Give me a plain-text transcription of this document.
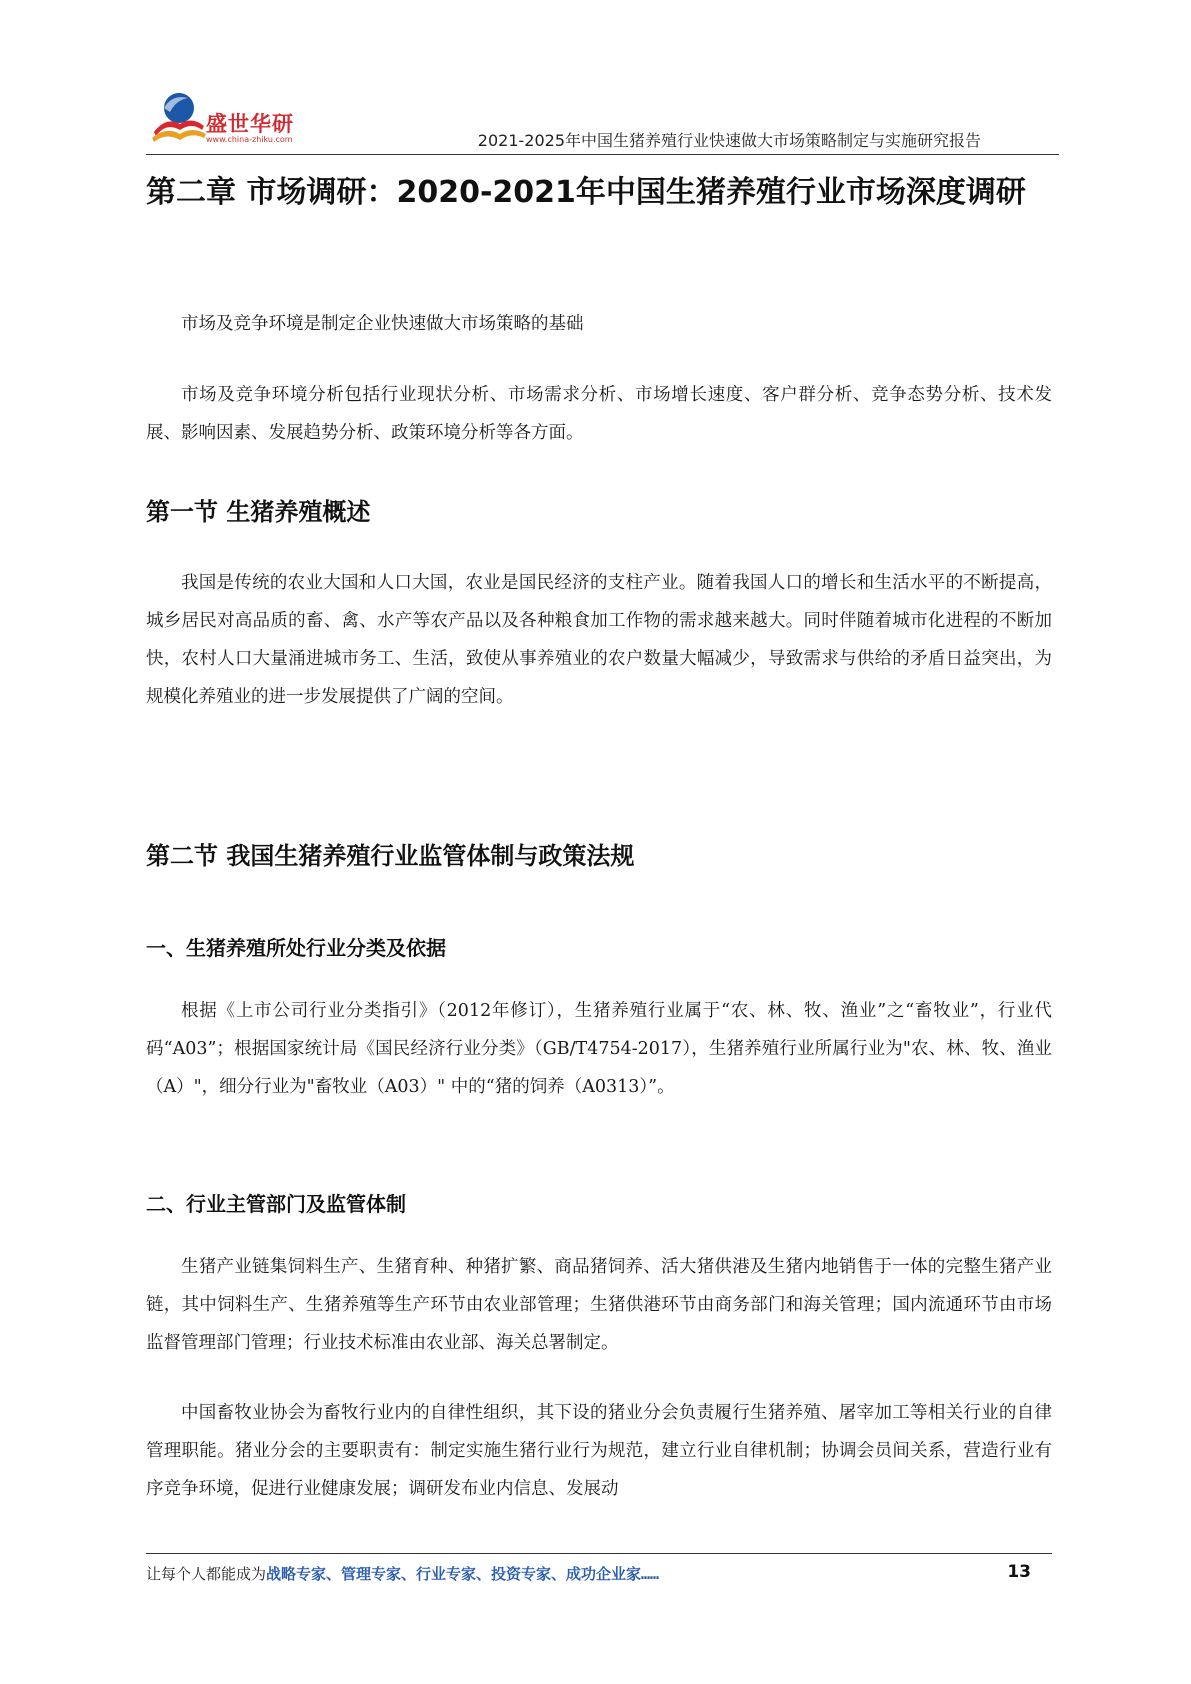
盛世华研
www.china-zhiku.com	2021-2025年中国生猪养殖行业快速做大市场策略制定与实施研究报告
第二章 市场调研：2020-2021年中国生猪养殖行业市场深度调研

市场及竞争环境是制定企业快速做大市场策略的基础

市场及竞争环境分析包括行业现状分析、市场需求分析、市场增长速度、客户群分析、竞争态势分析、技术发展、影响因素、发展趋势分析、政策环境分析等各方面。

第一节 生猪养殖概述

我国是传统的农业大国和人口大国，农业是国民经济的支柱产业。随着我国人口的增长和生活水平的不断提高，城乡居民对高品质的畜、禽、水产等农产品以及各种粮食加工作物的需求越来越大。同时伴随着城市化进程的不断加快，农村人口大量涌进城市务工、生活，致使从事养殖业的农户数量大幅减少，导致需求与供给的矛盾日益突出，为规模化养殖业的进一步发展提供了广阔的空间。

第二节 我国生猪养殖行业监管体制与政策法规
一、生猪养殖所处行业分类及依据

根据《上市公司行业分类指引》（2012年修订），生猪养殖行业属于“农、林、牧、渔业”之“畜牧业”，行业代码“A03”；根据国家统计局《国民经济行业分类》（GB/T4754-2017），生猪养殖行业所属行业为"农、林、牧、渔业（A）"，细分行业为"畜牧业（A03）" 中的“猪的饲养（A0313）”。

二、行业主管部门及监管体制

生猪产业链集饲料生产、生猪育种、种猪扩繁、商品猪饲养、活大猪供港及生猪内地销售于一体的完整生猪产业链，其中饲料生产、生猪养殖等生产环节由农业部管理；生猪供港环节由商务部门和海关管理；国内流通环节由市场监督管理部门管理；行业技术标准由农业部、海关总署制定。

中国畜牧业协会为畜牧行业内的自律性组织，其下设的猪业分会负责履行生猪养殖、屠宰加工等相关行业的自律管理职能。猪业分会的主要职责有：制定实施生猪行业行为规范，建立行业自律机制；协调会员间关系，营造行业有序竞争环境，促进行业健康发展；调研发布业内信息、发展动

让每个人都能成为战略专家、管理专家、行业专家、投资专家、成功企业家……	13
